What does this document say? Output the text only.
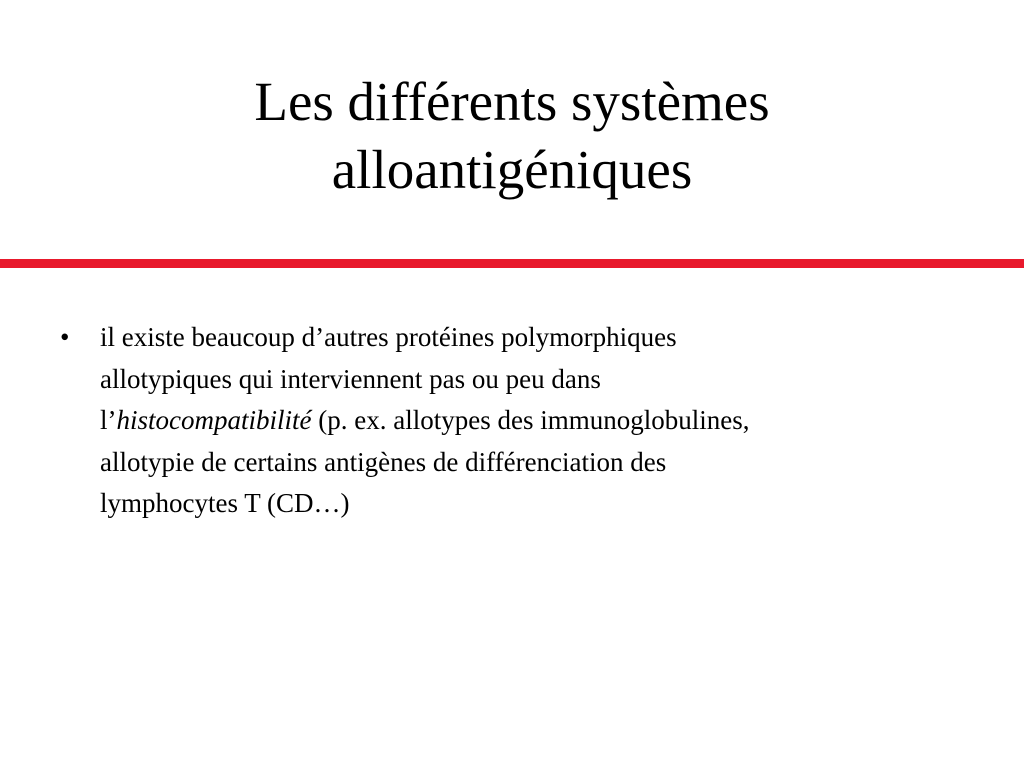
Les différents systèmes
alloantigéniques
•	il existe beaucoup d’autres protéines polymorphiques
allotypiques qui interviennent pas ou peu dans
l’histocompatibilité (p. ex. allotypes des immunoglobulines,
allotypie de certains antigènes de différenciation des
lymphocytes T (CD…)
